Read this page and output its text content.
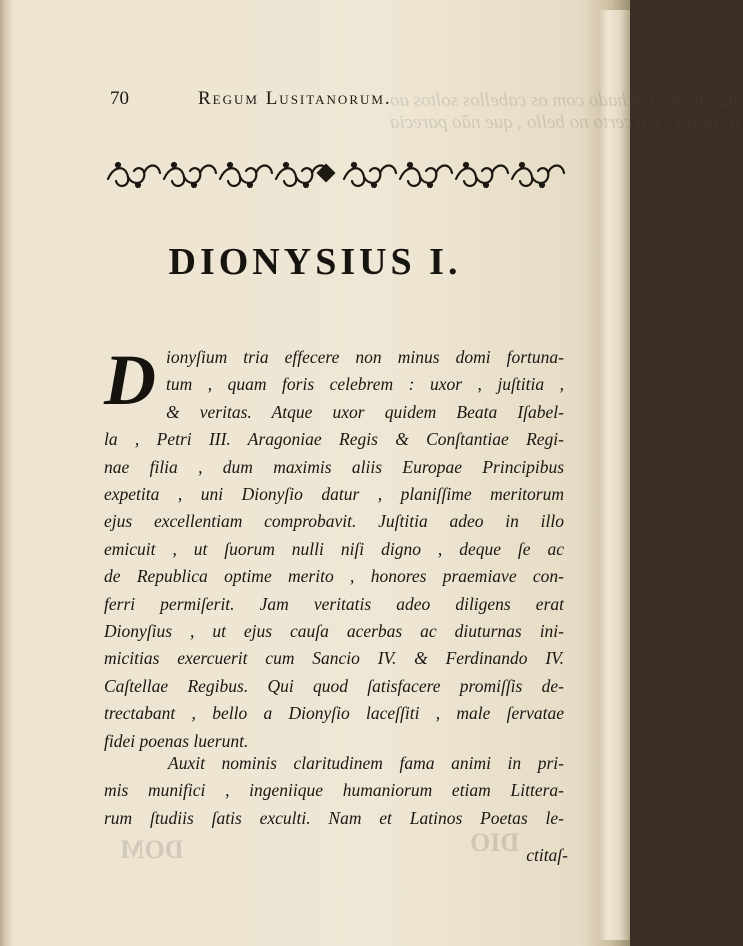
dia que fora achado com os cabellos soltos ao
terreiros , e o certo no bello , que não parecia
DOM	DIO
70	Regum Lusitanorum.
DIONYSIUS I.
D ionyſium tria effecere non minus domi fortuna-
tum , quam foris celebrem : uxor , juſtitia ,
& veritas. Atque uxor quidem Beata Iſabel-
la , Petri III. Aragoniae Regis & Conſtantiae Regi-
nae filia , dum maximis aliis Europae Principibus
expetita , uni Dionyſio datur , planiſſime meritorum
ejus excellentiam comprobavit. Juſtitia adeo in illo
emicuit , ut ſuorum nulli niſi digno , deque ſe ac
de Republica optime merito , honores praemiave con-
ferri permiſerit. Jam veritatis adeo diligens erat
Dionyſius , ut ejus cauſa acerbas ac diuturnas ini-
micitias exercuerit cum Sancio IV. & Ferdinando IV.
Caſtellae Regibus. Qui quod ſatisfacere promiſſis de-
trectabant , bello a Dionyſio laceſſiti , male ſervatae
fidei poenas luerunt.
Auxit nominis claritudinem fama animi in pri-
mis munifici , ingeniique humaniorum etiam Littera-
rum ſtudiis ſatis exculti. Nam et Latinos Poetas le-
ctitaſ-
